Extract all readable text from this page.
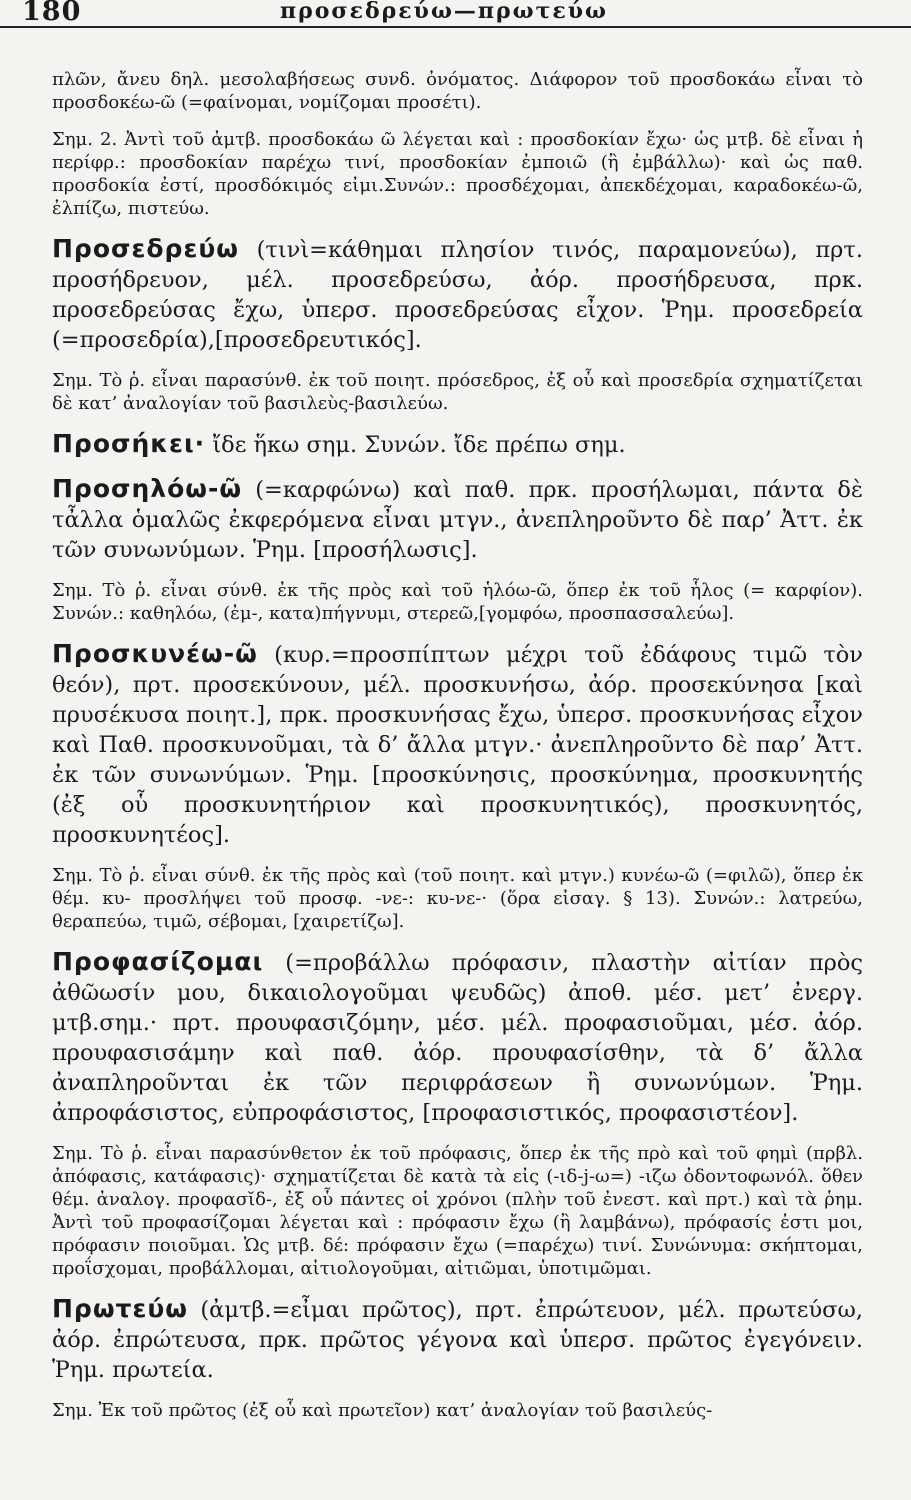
180	προσεδρεύω—πρωτεύω

πλῶν, ἄνευ δηλ. μεσολαβήσεως συνδ. ὀνόματος. Διάφορον τοῦ προσδοκάω εἶναι τὸ προσδοκέω-ῶ (=φαίνομαι, νομίζομαι προσέτι).

Σημ. 2. Ἀντὶ τοῦ ἀμτβ. προσδοκάω ῶ λέγεται καὶ : προσδοκίαν ἔχω· ὡς μτβ. δὲ εἶναι ἡ περίφρ.: προσδοκίαν παρέχω τινί, προσδοκίαν ἐμποιῶ (ἢ ἐμβάλλω)· καὶ ὡς παθ. προσδοκία ἐστί, προσδόκιμός εἰμι.Συνών.: προσδέχομαι, ἀπεκδέχομαι, καραδοκέω-ῶ, ἐλπίζω, πιστεύω.

Προσεδρεύω (τινὶ=κάθημαι πλησίον τινός, παραμονεύω), πρτ. προσήδρευον, μέλ. προσεδρεύσω, ἀόρ. προσήδρευσα, πρκ. προσεδρεύσας ἔχω, ὑπερσ. προσεδρεύσας εἶχον. Ῥημ. προσεδρεία (=προσεδρία),[προσεδρευτικός].

Σημ. Τὸ ῥ. εἶναι παρασύνθ. ἐκ τοῦ ποιητ. πρόσεδρος, ἐξ οὗ καὶ προσεδρία σχηματίζεται δὲ κατ’ ἀναλογίαν τοῦ βασιλεὺς-βασιλεύω.

Προσήκει· ἴδε ἥκω σημ. Συνών. ἴδε πρέπω σημ.

Προσηλόω-ῶ (=καρφώνω) καὶ παθ. πρκ. προσήλωμαι, πάντα δὲ τἆλλα ὁμαλῶς ἐκφερόμενα εἶναι μτγν., ἀνεπληροῦντο δὲ παρ’ Ἀττ. ἐκ τῶν συνωνύμων. Ῥημ. [προσήλωσις].

Σημ. Τὸ ῥ. εἶναι σύνθ. ἐκ τῆς πρὸς καὶ τοῦ ἡλόω-ῶ, ὅπερ ἐκ τοῦ ἧλος (= καρφίον). Συνών.: καθηλόω, (ἐμ-, κατα)πήγνυμι, στερεῶ,[γομφόω, προσπασσαλεύω].

Προσκυνέω-ῶ (κυρ.=προσπίπτων μέχρι τοῦ ἐδάφους τιμῶ τὸν θεόν), πρτ. προσεκύνουν, μέλ. προσκυνήσω, ἀόρ. προσεκύνησα [καὶ πρυσέκυσα ποιητ.], πρκ. προσκυνήσας ἔχω, ὑπερσ. προσκυνήσας εἶχον καὶ Παθ. προσκυνοῦμαι, τὰ δ’ ἄλλα μτγν.· ἀνεπληροῦντο δὲ παρ’ Ἀττ. ἐκ τῶν συνωνύμων. Ῥημ. [προσκύνησις, προσκύνημα, προσκυνητής (ἐξ οὗ προσκυνητήριον καὶ προσκυνητικός), προσκυνητός, προσκυνητέος].

Σημ. Τὸ ῥ. εἶναι σύνθ. ἐκ τῆς πρὸς καὶ (τοῦ ποιητ. καὶ μτγν.) κυνέω-ῶ (=φιλῶ), ὅπερ ἐκ θέμ. κυ- προσλήψει τοῦ προσφ. -νε-: κυ-νε-· (ὅρα εἰσαγ. § 13). Συνών.: λατρεύω, θεραπεύω, τιμῶ, σέβομαι, [χαιρετίζω].

Προφασίζομαι (=προβάλλω πρόφασιν, πλαστὴν αἰτίαν πρὸς ἀθῶωσίν μου, δικαιολογοῦμαι ψευδῶς) ἀποθ. μέσ. μετ’ ἐνεργ. μτβ.σημ.· πρτ. προυφασιζόμην, μέσ. μέλ. προφασιοῦμαι, μέσ. ἀόρ. προυφασισάμην καὶ παθ. ἀόρ. προυφασίσθην, τὰ δ’ ἄλλα ἀναπληροῦνται ἐκ τῶν περιφράσεων ἢ συνωνύμων. Ῥημ. ἀπροφάσιστος, εὐπροφάσιστος, [προφασιστικός, προφασιστέον].

Σημ. Τὸ ῥ. εἶναι παρασύνθετον ἐκ τοῦ πρόφασις, ὅπερ ἐκ τῆς πρὸ καὶ τοῦ φημὶ (πρβλ. ἀπόφασις, κατάφασις)· σχηματίζεται δὲ κατὰ τὰ εἰς (-ιδ-j-ω=) -ιζω ὀδοντοφωνόλ. ὅθεν θέμ. ἀναλογ. προφασῐδ-, ἐξ οὗ πάντες οἱ χρόνοι (πλὴν τοῦ ἐνεστ. καὶ πρτ.) καὶ τὰ ῥημ. Ἀντὶ τοῦ προφασίζομαι λέγεται καὶ : πρόφασιν ἔχω (ἢ λαμβάνω), πρόφασίς ἐστι μοι, πρόφασιν ποιοῦμαι. Ὡς μτβ. δέ: πρόφασιν ἔχω (=παρέχω) τινί. Συνώνυμα: σκήπτομαι, προΐσχομαι, προβάλλομαι, αἰτιολογοῦμαι, αἰτιῶμαι, ὑποτιμῶμαι.

Πρωτεύω (ἀμτβ.=εἶμαι πρῶτος), πρτ. ἐπρώτευον, μέλ. πρωτεύσω, ἀόρ. ἐπρώτευσα, πρκ. πρῶτος γέγονα καὶ ὑπερσ. πρῶτος ἐγεγόνειν. Ῥημ. πρωτεία.

Σημ. Ἐκ τοῦ πρῶτος (ἐξ οὗ καὶ πρωτεῖον) κατ’ ἀναλογίαν τοῦ βασιλεύς-
